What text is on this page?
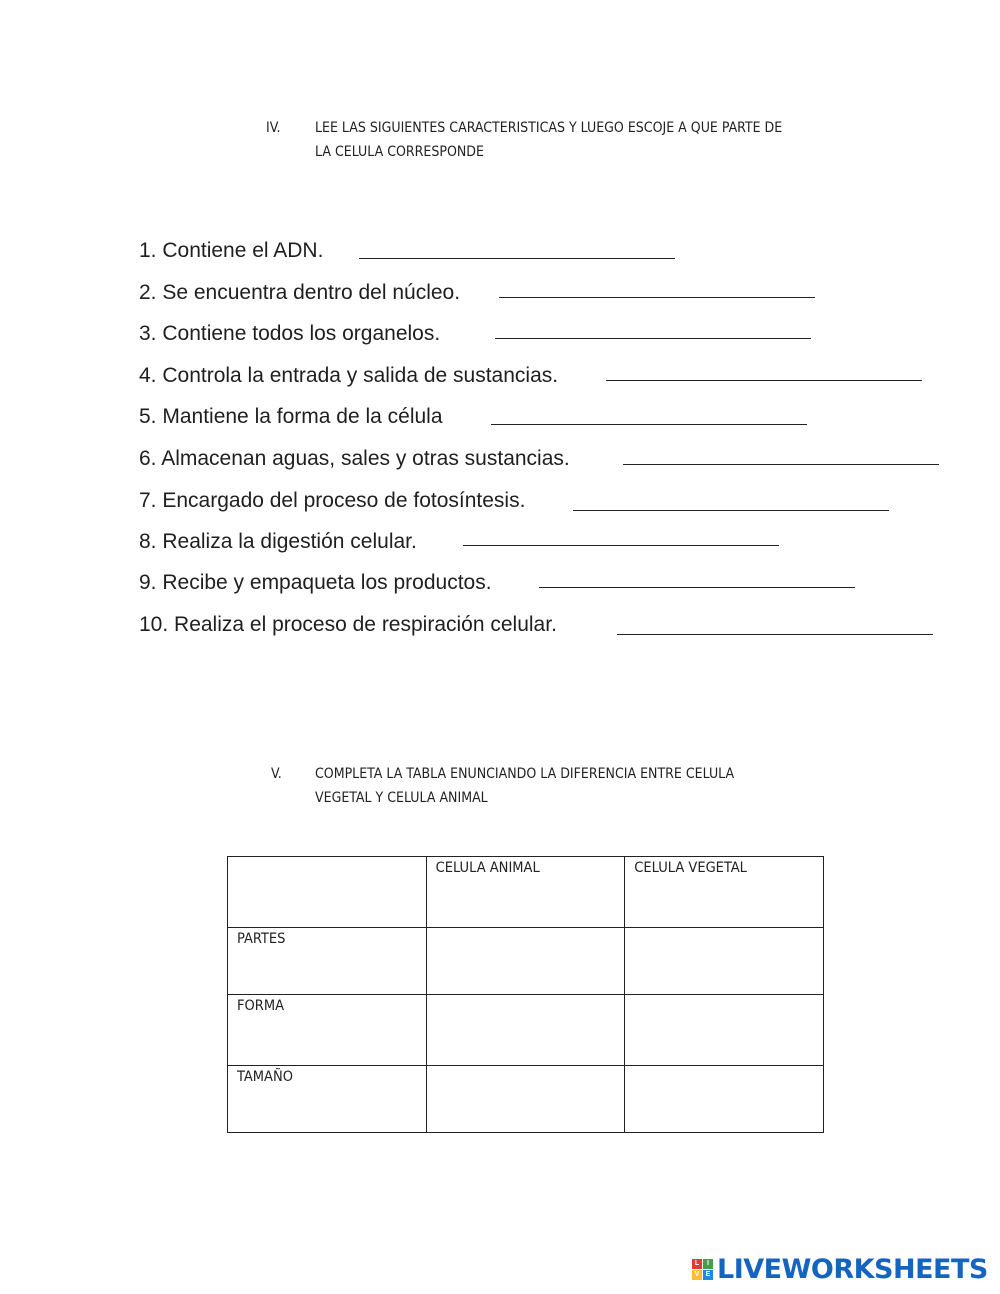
IV. LEE LAS SIGUIENTES CARACTERISTICAS Y LUEGO ESCOJE A QUE PARTE DE
LA CELULA CORRESPONDE
1. Contiene el ADN.
2. Se encuentra dentro del núcleo.
3. Contiene todos los organelos.
4. Controla la entrada y salida de sustancias.
5. Mantiene la forma de la célula
6. Almacenan aguas, sales y otras sustancias.
7. Encargado del proceso de fotosíntesis.
8. Realiza la digestión celular.
9. Recibe y empaqueta los productos.
10. Realiza el proceso de respiración celular.
V. COMPLETA LA TABLA ENUNCIANDO LA DIFERENCIA ENTRE CELULA
VEGETAL Y CELULA ANIMAL
	CELULA ANIMAL	CELULA VEGETAL
PARTES		
FORMA		
TAMAÑO		
L	I
V E LIVEWORKSHEETS
